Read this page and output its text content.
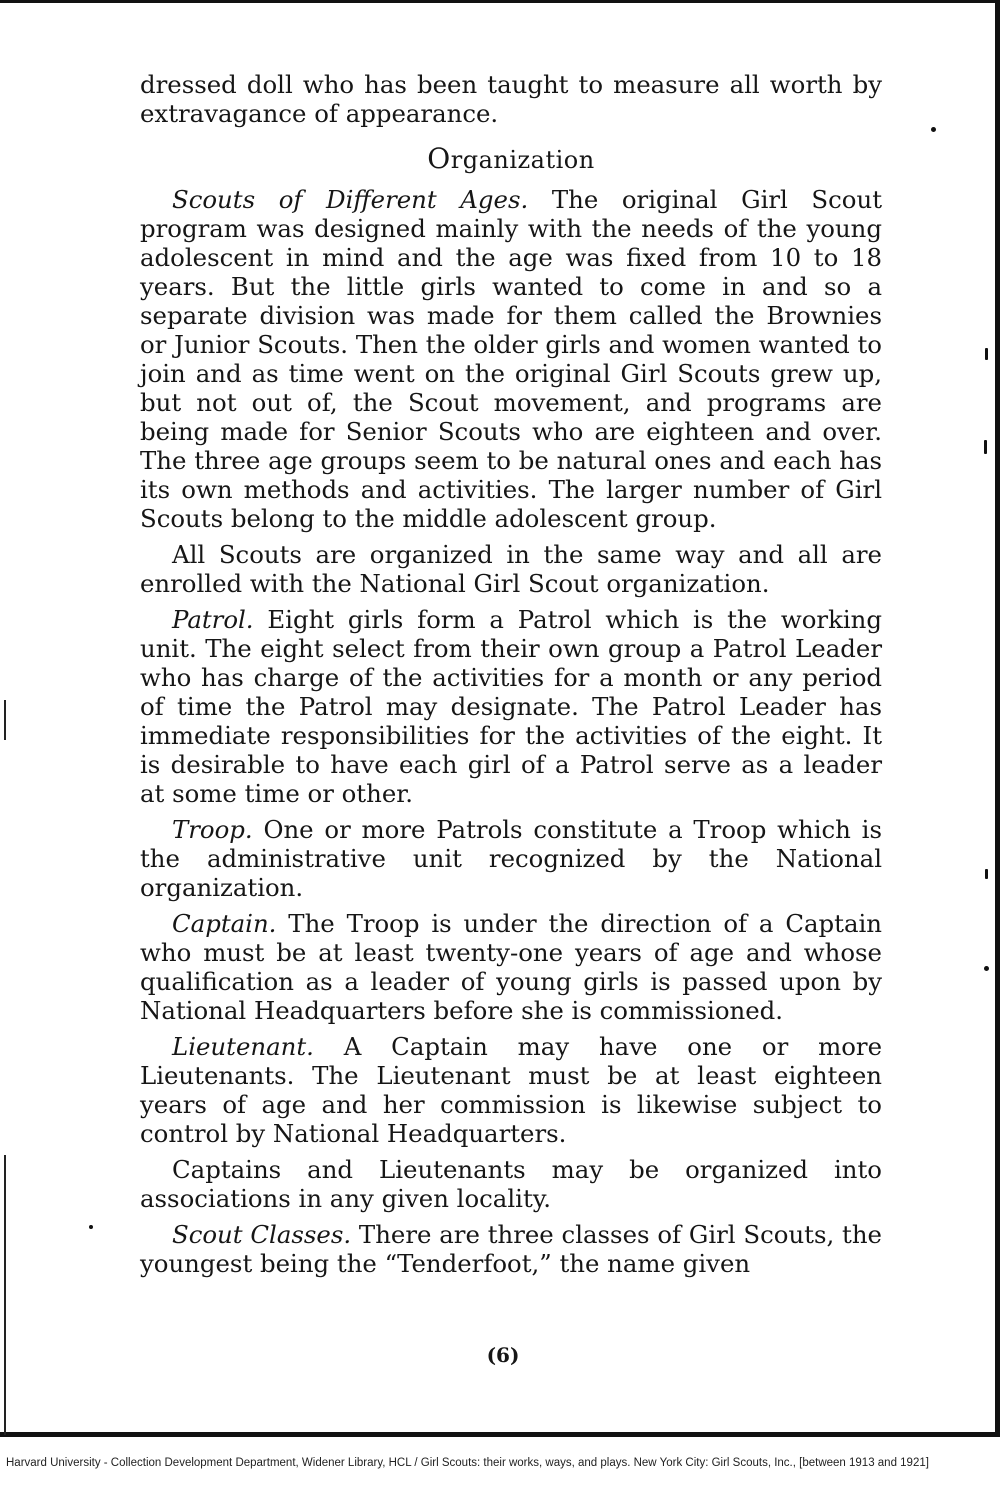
dressed doll who has been taught to measure all worth by extravagance of appearance.

Organization

Scouts of Different Ages. The original Girl Scout program was designed mainly with the needs of the young adolescent in mind and the age was fixed from 10 to 18 years. But the little girls wanted to come in and so a separate division was made for them called the Brownies or Junior Scouts. Then the older girls and women wanted to join and as time went on the original Girl Scouts grew up, but not out of, the Scout movement, and programs are being made for Senior Scouts who are eighteen and over. The three age groups seem to be natural ones and each has its own methods and activities. The larger number of Girl Scouts belong to the middle adolescent group.

All Scouts are organized in the same way and all are enrolled with the National Girl Scout organization.

Patrol. Eight girls form a Patrol which is the working unit. The eight select from their own group a Patrol Leader who has charge of the activities for a month or any period of time the Patrol may designate. The Patrol Leader has immediate responsibilities for the activities of the eight. It is desirable to have each girl of a Patrol serve as a leader at some time or other.

Troop. One or more Patrols constitute a Troop which is the administrative unit recognized by the National organization.

Captain. The Troop is under the direction of a Captain who must be at least twenty-one years of age and whose qualification as a leader of young girls is passed upon by National Headquarters before she is commissioned.

Lieutenant. A Captain may have one or more Lieutenants. The Lieutenant must be at least eighteen years of age and her commission is likewise subject to control by National Headquarters.

Captains and Lieutenants may be organized into associations in any given locality.

Scout Classes. There are three classes of Girl Scouts, the youngest being the “Tenderfoot,” the name given

(6)
Harvard University - Collection Development Department, Widener Library, HCL / Girl Scouts: their works, ways, and plays. New York City: Girl Scouts, Inc., [between 1913 and 1921]
